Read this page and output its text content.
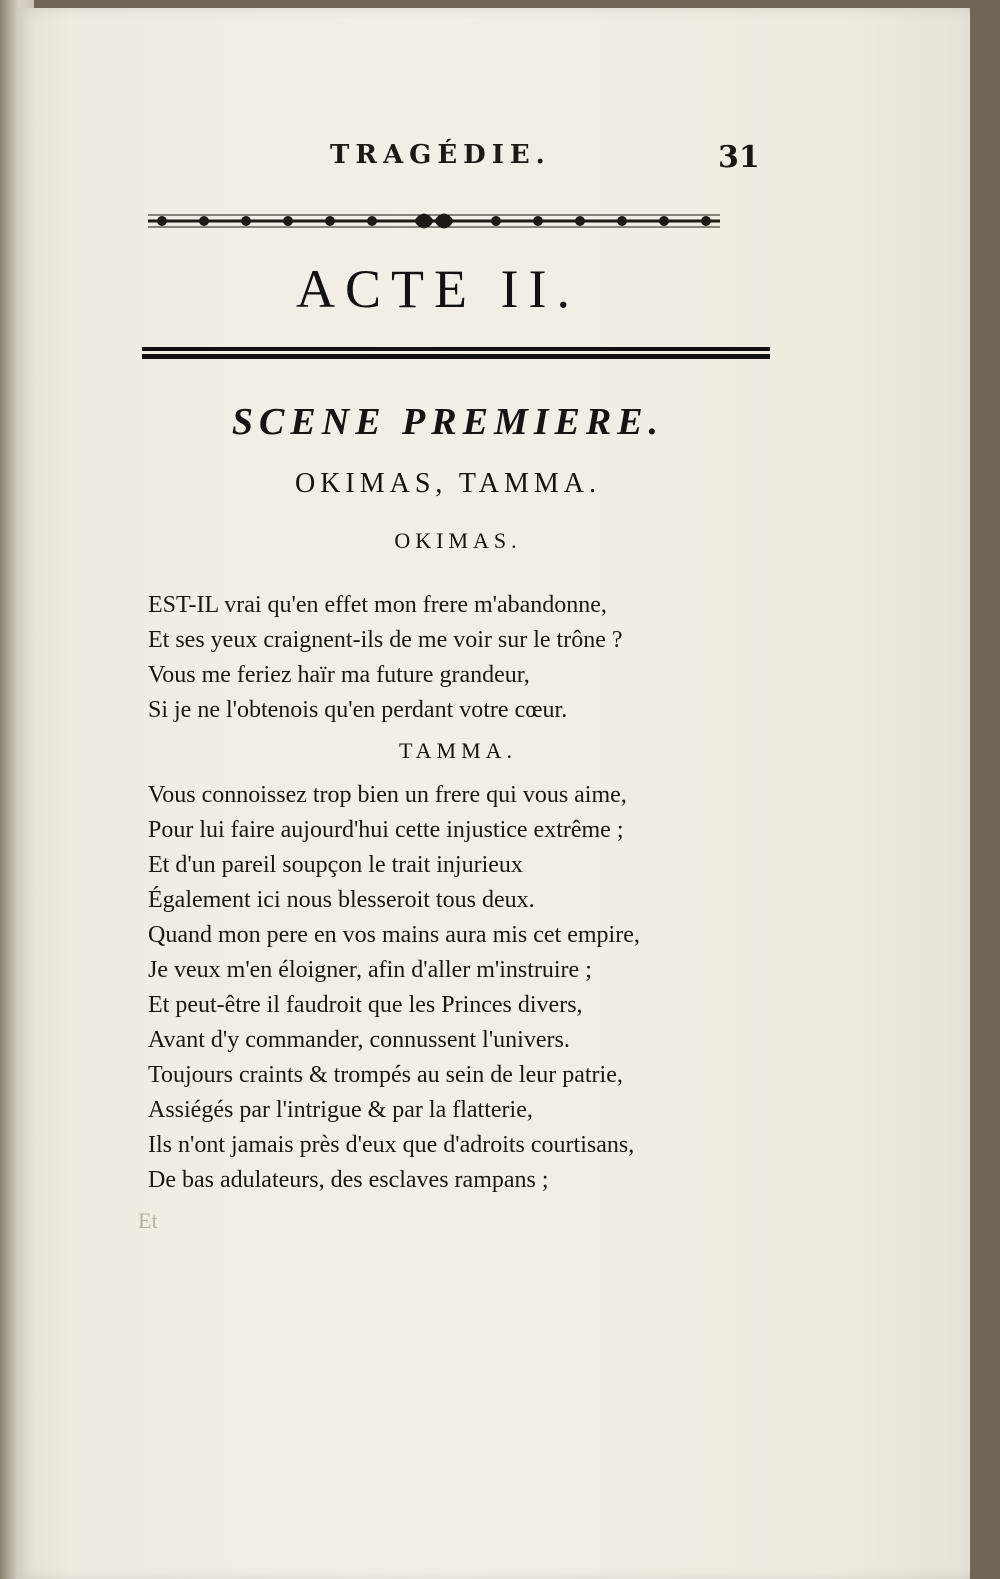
TRAGÉDIE.	31
ACTE II.
SCENE PREMIERE.
OKIMAS, TAMMA.
OKIMAS.
EST-IL vrai qu'en effet mon frere m'abandonne,
Et ses yeux craignent-ils de me voir sur le trône ?
Vous me feriez haïr ma future grandeur,
Si je ne l'obtenois qu'en perdant votre cœur.
TAMMA.
Vous connoissez trop bien un frere qui vous aime,
Pour lui faire aujourd'hui cette injustice extrême ;
Et d'un pareil soupçon le trait injurieux
Également ici nous blesseroit tous deux.
Quand mon pere en vos mains aura mis cet empire,
Je veux m'en éloigner, afin d'aller m'instruire ;
Et peut-être il faudroit que les Princes divers,
Avant d'y commander, connussent l'univers.
Toujours craints & trompés au sein de leur patrie,
Assiégés par l'intrigue & par la flatterie,
Ils n'ont jamais près d'eux que d'adroits courtisans,
De bas adulateurs, des esclaves rampans ;
Et
